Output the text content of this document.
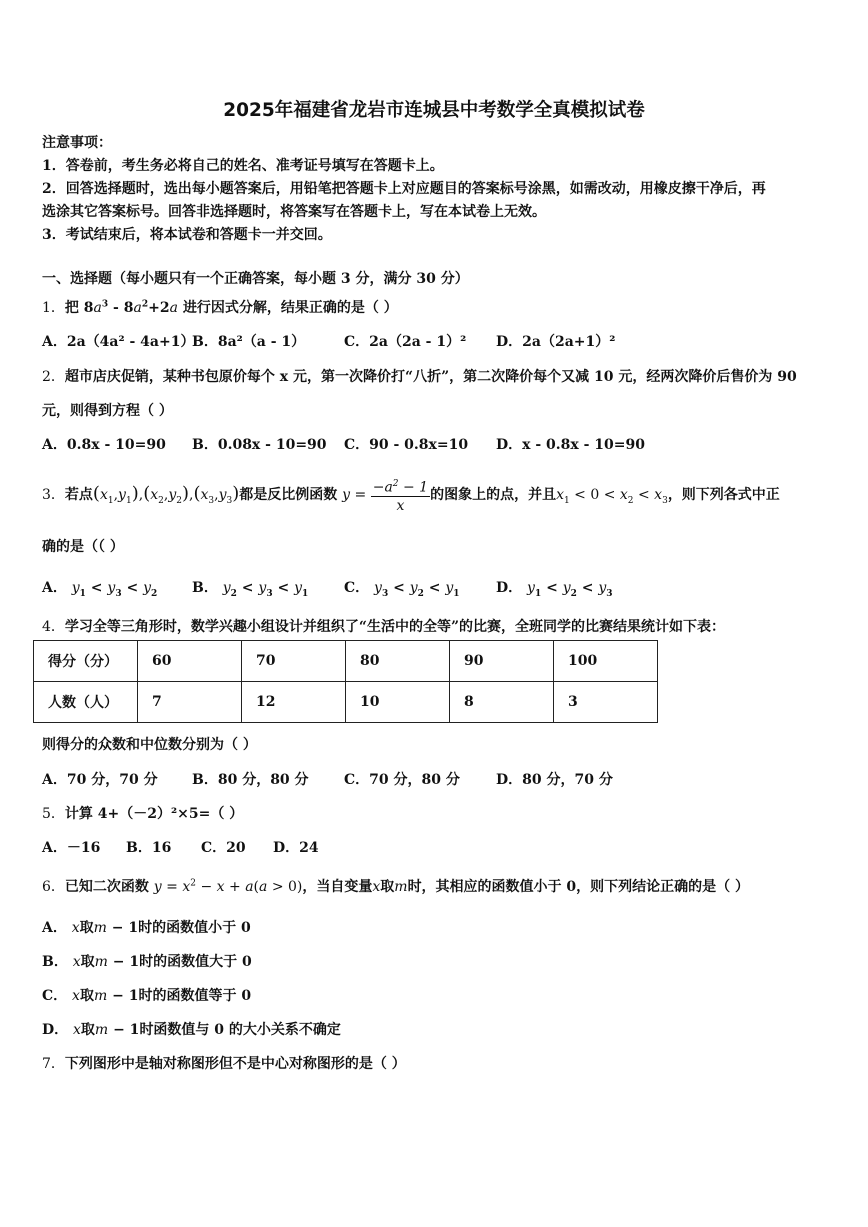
2025年福建省龙岩市连城县中考数学全真模拟试卷
注意事项：
1．答卷前，考生务必将自己的姓名、准考证号填写在答题卡上。
2．回答选择题时，选出每小题答案后，用铅笔把答题卡上对应题目的答案标号涂黑，如需改动，用橡皮擦干净后，再
选涂其它答案标号。回答非选择题时，将答案写在答题卡上，写在本试卷上无效。
3．考试结束后，将本试卷和答题卡一并交回。
一、选择题（每小题只有一个正确答案，每小题 3 分，满分 30 分）
1．把 $8a^3 - 8a^2+2a$ 进行因式分解，结果正确的是（ ）
A．2a（4a² - 4a+1）
B．8a²（a - 1）	C．2a（2a - 1）² D．2a（2a+1）²
2．超市店庆促销，某种书包原价每个 x 元，第一次降价打“八折”，第二次降价每个又减 10 元，经两次降价后售价为 90
元，则得到方程（ ）
A．0.8x - 10=90 B．0.08x - 10=90 C．90 - 0.8x=10 D．x - 0.8x - 10=90
3．若点$(x_1,y_1),(x_2,y_2),(x_3,y_3)$都是反比例函数 $y = \frac{-a^2 - 1}{x}$ 的图象上的点，并且$x_1 < 0 < x_2 < x_3$，则下列各式中正
确的是（（ ）
A． $y_1 < y_3 < y_2$ B． $y_2 < y_3 < y_1$	C． $y_3 < y_2 < y_1$	D． $y_1 < y_2 < y_3$
4．学习全等三角形时，数学兴趣小组设计并组织了“生活中的全等”的比赛，全班同学的比赛结果统计如下表：
得分（分）	60	70	80	90	100
人数（人）	7	12	10	8	3
则得分的众数和中位数分别为（ ）
A．70 分，70 分 B．80 分，80 分	C．70 分，80 分	D．80 分，70 分
5．计算 4+（－2）²×5=（ ）
A．－16 B．16 C．20 D．24
6．已知二次函数 $y = x^2 - x + a(a > 0)$，当自变量x取m时，其相应的函数值小于 0，则下列结论正确的是（ ）
A． x取m − 1时的函数值小于 0
B． x取m − 1时的函数值大于 0
C． x取m − 1时的函数值等于 0
D． x取m − 1时函数值与 0 的大小关系不确定
7．下列图形中是轴对称图形但不是中心对称图形的是（ ）
